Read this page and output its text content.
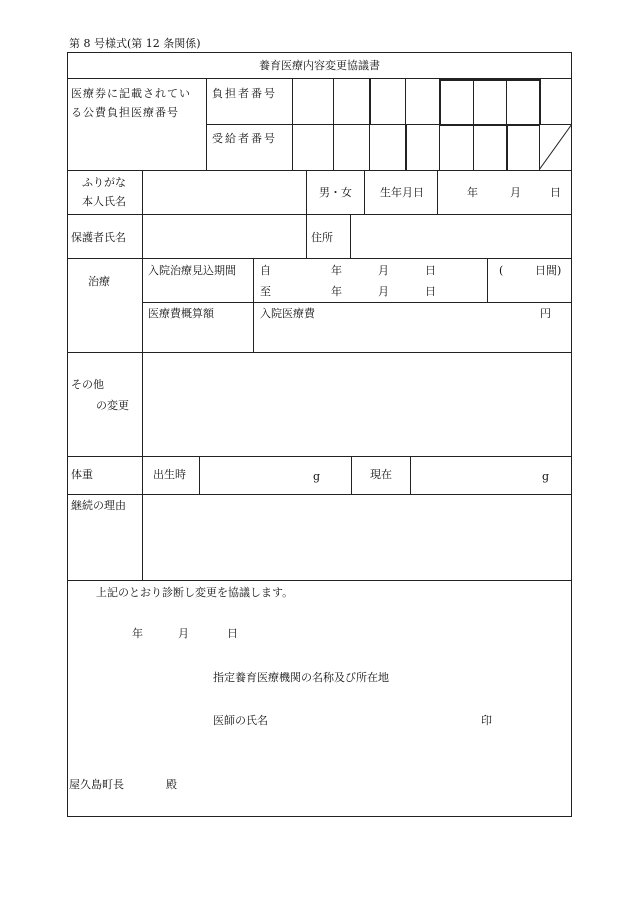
第 8 号様式(第 12 条関係)
養育医療内容変更協議書
医療券に記載されてい
る公費負担医療番号
負担者番号
受給者番号
ふりがな
本人氏名
男・女	生年月日	年	月	日
保護者氏名	住所
治療
入院治療見込期間 自	年	月	日
至	年	月	日
(	日間)
医療費概算額	入院医療費	円
その他
の変更
体重	出生時	g	現在	g
継続の理由
上記のとおり診断し変更を協議します。
年	月	日
指定養育医療機関の名称及び所在地
医師の氏名	印
屋久島町長	殿
